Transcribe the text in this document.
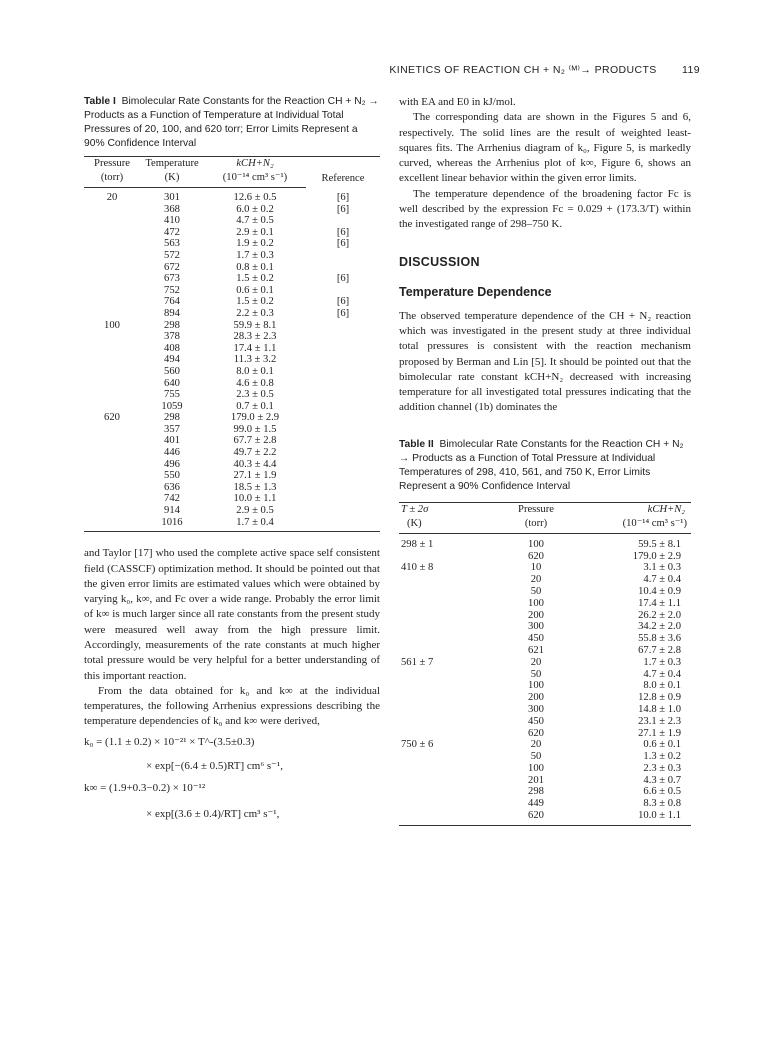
KINETICS OF REACTION CH + N₂ ⁽ᴹ⁾→ PRODUCTS 119

Table I Bimolecular Rate Constants for the Reaction CH + N₂ → Products as a Function of Temperature at Individual Total Pressures of 20, 100, and 620 torr; Error Limits Represent a 90% Confidence Interval

Pressure	Temperature	kCH+N₂	Reference
(torr)	(K)	(10⁻¹⁴ cm³ s⁻¹)	
20	301	12.6 ± 0.5	[6]
	368	6.0 ± 0.2	[6]
	410	4.7 ± 0.5	
	472	2.9 ± 0.1	[6]
	563	1.9 ± 0.2	[6]
	572	1.7 ± 0.3	
	672	0.8 ± 0.1	
	673	1.5 ± 0.2	[6]
	752	0.6 ± 0.1	
	764	1.5 ± 0.2	[6]
	894	2.2 ± 0.3	[6]
100	298	59.9 ± 8.1	
	378	28.3 ± 2.3	
	408	17.4 ± 1.1	
	494	11.3 ± 3.2	
	560	8.0 ± 0.1	
	640	4.6 ± 0.8	
	755	2.3 ± 0.5	
	1059	0.7 ± 0.1	
620	298	179.0 ± 2.9	
	357	99.0 ± 1.5	
	401	67.7 ± 2.8	
	446	49.7 ± 2.2	
	496	40.3 ± 4.4	
	550	27.1 ± 1.9	
	636	18.5 ± 1.3	
	742	10.0 ± 1.1	
	914	2.9 ± 0.5	
	1016	1.7 ± 0.4	

and Taylor [17] who used the complete active space self consistent field (CASSCF) optimization method. It should be pointed out that the given error limits are estimated values which were obtained by varying k₀, k∞, and Fc over a wide range. Probably the error limit of k∞ is much larger since all rate constants from the present study were measured well away from the high pressure limit. Accordingly, measurements of the rate constants at much higher total pressure would be very helpful for a better understanding of this important reaction.

From the data obtained for k₀ and k∞ at the individual temperatures, the following Arrhenius expressions describing the temperature dependencies of k₀ and k∞ were derived,

k₀ = (1.1 ± 0.2) × 10⁻²¹ × T^-(3.5±0.3)
× exp[−(6.4 ± 0.5)RT] cm⁶ s⁻¹,
k∞ = (1.9+0.3−0.2) × 10⁻¹²
× exp[(3.6 ± 0.4)/RT] cm³ s⁻¹,

with EA and E0 in kJ/mol.

The corresponding data are shown in the Figures 5 and 6, respectively. The solid lines are the result of weighted least-squares fits. The Arrhenius diagram of k₀, Figure 5, is markedly curved, whereas the Arrhenius plot of k∞, Figure 6, shows an excellent linear behavior within the given error limits.

The temperature dependence of the broadening factor Fc is well described by the expression Fc = 0.029 + (173.3/T) within the investigated range of 298–750 K.

DISCUSSION
Temperature Dependence

The observed temperature dependence of the CH + N₂ reaction which was investigated in the present study at three individual total pressures is consistent with the reaction mechanism proposed by Berman and Lin [5]. It should be pointed out that the bimolecular rate constant kCH+N₂ decreased with increasing temperature for all investigated total pressures indicating that the addition channel (1b) dominates the

Table II Bimolecular Rate Constants for the Reaction CH + N₂ → Products as a Function of Total Pressure at Individual Temperatures of 298, 410, 561, and 750 K, Error Limits Represent a 90% Confidence Interval

T ± 2σ	Pressure	kCH+N₂
(K)	(torr)	(10⁻¹⁴ cm³ s⁻¹)
298 ± 1	100	59.5 ± 8.1
	620	179.0 ± 2.9
410 ± 8	10	3.1 ± 0.3
	20	4.7 ± 0.4
	50	10.4 ± 0.9
	100	17.4 ± 1.1
	200	26.2 ± 2.0
	300	34.2 ± 2.0
	450	55.8 ± 3.6
	621	67.7 ± 2.8
561 ± 7	20	1.7 ± 0.3
	50	4.7 ± 0.4
	100	8.0 ± 0.1
	200	12.8 ± 0.9
	300	14.8 ± 1.0
	450	23.1 ± 2.3
	620	27.1 ± 1.9
750 ± 6	20	0.6 ± 0.1
	50	1.3 ± 0.2
	100	2.3 ± 0.3
	201	4.3 ± 0.7
	298	6.6 ± 0.5
	449	8.3 ± 0.8
	620	10.0 ± 1.1
